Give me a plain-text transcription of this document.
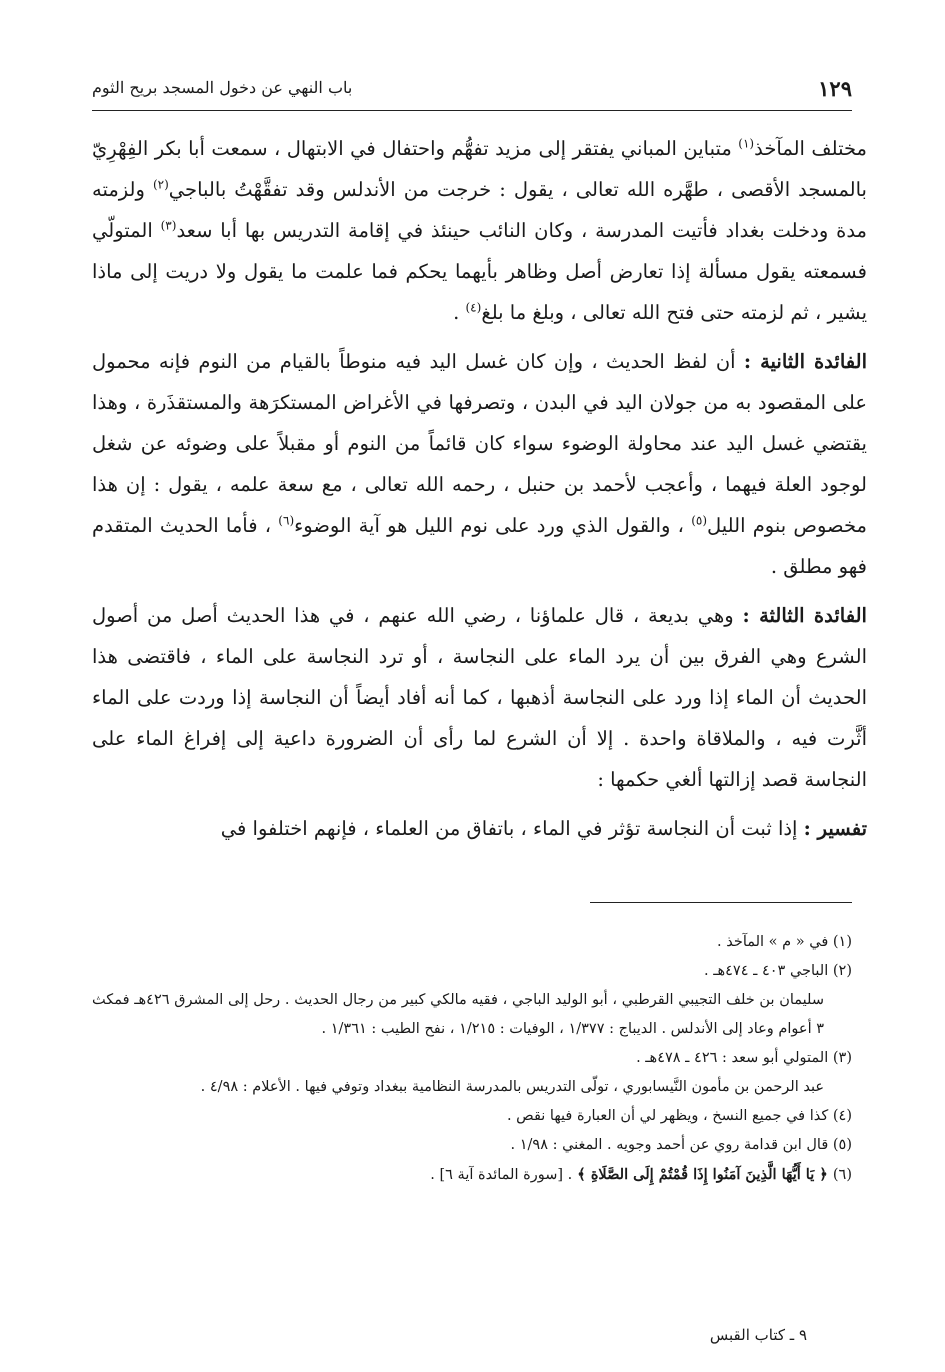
١٢٩
باب النهي عن دخول المسجد بريح الثوم

مختلف المآخذ$^{(١)}$ متباين المباني يفتقر إلى مزيد تفهُّم واحتفال في الابتهال ، سمعت أبا بكر الفِهْرِيّ بالمسجد الأقصى ، طهَّره الله تعالى ، يقول : خرجت من الأندلس وقد تفقَّهْتُ بالباجي$^{(٢)}$ ولزمته مدة ودخلت بغداد فأتيت المدرسة ، وكان النائب حينئذ في إقامة التدريس بها أبا سعد$^{(٣)}$ المتولّي فسمعته يقول مسألة إذا تعارض أصل وظاهر بأيهما يحكم فما علمت ما يقول ولا دريت إلى ماذا يشير ، ثم لزمته حتى فتح الله تعالى ، وبلغ ما بلغ$^{(٤)}$ .

الفائدة الثانية : أن لفظ الحديث ، وإن كان غسل اليد فيه منوطاً بالقيام من النوم فإنه محمول على المقصود به من جولان اليد في البدن ، وتصرفها في الأغراض المستكرَهة والمستقذَرة ، وهذا يقتضي غسل اليد عند محاولة الوضوء سواء كان قائماً من النوم أو مقبلاً على وضوئه عن شغل لوجود العلة فيهما ، وأعجب لأحمد بن حنبل ، رحمه الله تعالى ، مع سعة علمه ، يقول : إن هذا مخصوص بنوم الليل$^{(٥)}$ ، والقول الذي ورد على نوم الليل هو آية الوضوء$^{(٦)}$ ، فأما الحديث المتقدم فهو مطلق .

الفائدة الثالثة : وهي بديعة ، قال علماؤنا ، رضي الله عنهم ، في هذا الحديث أصل من أصول الشرع وهي الفرق بين أن يرد الماء على النجاسة ، أو ترد النجاسة على الماء ، فاقتضى هذا الحديث أن الماء إذا ورد على النجاسة أذهبها ، كما أنه أفاد أيضاً أن النجاسة إذا وردت على الماء أثَّرت فيه ، والملاقاة واحدة . إلا أن الشرع لما رأى أن الضرورة داعية إلى إفراغ الماء على النجاسة قصد إزالتها ألغي حكمها :

تفسير : إذا ثبت أن النجاسة تؤثر في الماء ، باتفاق من العلماء ، فإنهم اختلفوا في

(١) في « م » المآخذ .

(٢) الباجي ٤٠٣ ـ ٤٧٤هـ .

سليمان بن خلف التجيبي القرطبي ، أبو الوليد الباجي ، فقيه مالكي كبير من رجال الحديث . رحل إلى المشرق ٤٢٦هـ فمكث ٣ أعوام وعاد إلى الأندلس . الديباج : ١/٣٧٧ ، الوفيات : ١/٢١٥ ، نفح الطيب : ١/٣٦١ .

(٣) المتولي أبو سعد : ٤٢٦ ـ ٤٧٨هـ .

عبد الرحمن بن مأمون النَّيسابوري ، تولّى التدريس بالمدرسة النظامية ببغداد وتوفي فيها . الأعلام : ٤/٩٨ .

(٤) كذا في جميع النسخ ، ويظهر لي أن العبارة فيها نقص .

(٥) قال ابن قدامة روي عن أحمد وجويه . المغني : ١/٩٨ .

(٦) ﴿ يَا أَيُّهَا الَّذِينَ آمَنُوا إِذَا قُمْتُمْ إِلَى الصَّلَاةِ ﴾ . [سورة المائدة آية ٦] .

٩ ـ كتاب القبس
